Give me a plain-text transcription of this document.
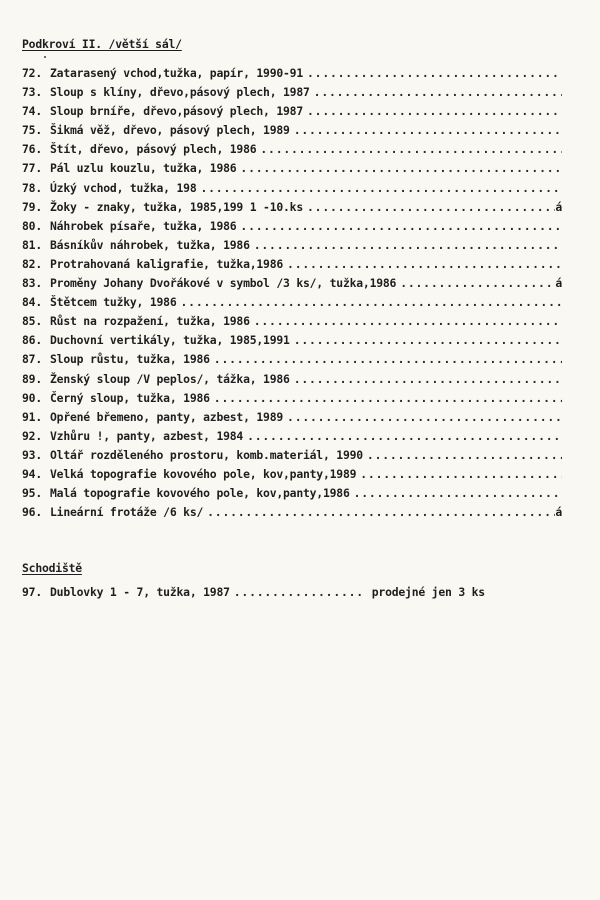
Podkroví II. /větší sál/
72. Zatarasený vchod,tužka, papír, 1990-91
.....
73. Sloup s klíny, dřevo,pásový plech, 1987
.....
74. Sloup brnířе, dřevo,pásový plech, 1987
.....
75. Šikmá věž, dřevo, pásový plech, 1989
.....
76. Štít, dřevo, pásový plech, 1986
.....
77. Pál uzlu kouzlu, tužka, 1986
.....
78. Úzký vchod, tužka, 198
.....
79. Žoky - znaky, tužka, 1985,199 1 -10.ks .....	á
80. Náhrobek písaře, tužka, 1986
.....
81. Básníkův náhrobek, tužka, 1986
.....
82. Protrahovaná kaligrafie, tužka,1986
.....
83. Proměny Johany Dvořákové v symbol /3 ks/, tužka,1986 .....	á
84. Štětcem tužky, 1986
.....
85. Růst na rozpažení, tužka, 1986
.....
86. Duchovní vertikály, tužka, 1985,1991
.....
87. Sloup růstu, tužka, 1986
.....
89. Ženský sloup /V peplos/, tážka, 1986
.....
90. Černý sloup, tužka, 1986
.....
91. Opřené břemeno, panty, azbest, 1989
.....
92. Vzhůru !, panty, azbest, 1984
.....
93. Oltář rozděleného prostoru, komb.materiál, 1990
.....
94. Velká topografie kovového pole, kov,panty,1989
.....
95. Malá topografie kovového pole, kov,panty,1986
.....
96. Lineární frotáže /6 ks/ .....	á
Schodiště
97. Dublovky 1 - 7, tužka, 1987 .....	prodejné jen 3 ks
